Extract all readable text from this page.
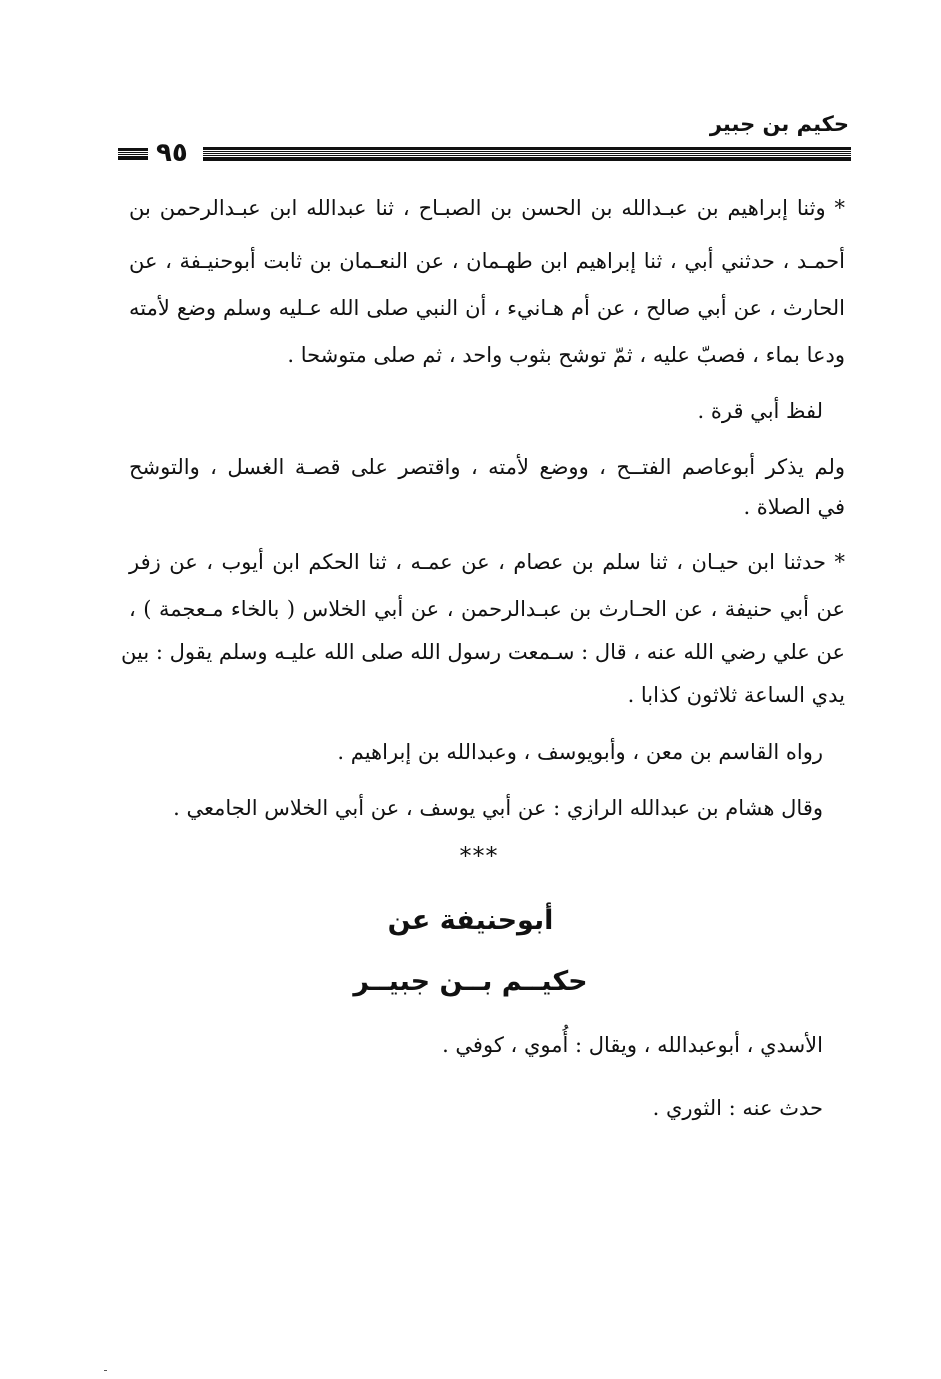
حكيم بن جبير
٩٥
* وثنا إبراهيم بن عبـدالله بن الحسن بن الصبـاح ، ثنا عبدالله ابن عبـدالرحمن بن
أحمـد ، حدثني أبي ، ثنا إبراهيم ابن طهـمان ، عن النعـمان بن ثابت أبوحنيـفة ، عن
الحارث ، عن أبي صالح ، عن أم هـانيء ، أن النبي صلى الله عـليه وسلم وضع لأمته
ودعا بماء ، فصبّ عليه ، ثمّ توشح بثوب واحد ، ثم صلى متوشحا .
لفظ أبي قرة .
ولم يذكر أبوعاصم الفتــح ، ووضع لأمته ، واقتصر على قصـة الغسل ، والتوشح
في الصلاة .
* حدثنا ابن حيـان ، ثنا سلم بن عصام ، عن عمـه ، ثنا الحكم ابن أيوب ، عن زفر
عن أبي حنيفة ، عن الحـارث بن عبـدالرحمن ، عن أبي الخلاس ( بالخاء مـعجمة ) ،
عن علي رضي الله عنه ، قال : سـمعت رسول الله صلى الله عليـه وسلم يقول : بين
يدي الساعة ثلاثون كذابا .
رواه القاسم بن معن ، وأبويوسف ، وعبدالله بن إبراهيم .
وقال هشام بن عبدالله الرازي : عن أبي يوسف ، عن أبي الخلاس الجامعي .
***
أبوحنيفة عن
حكيــم بــن جبيــر
الأسدي ، أبوعبدالله ، ويقال : أُموي ، كوفي .
حدث عنه : الثوري .
